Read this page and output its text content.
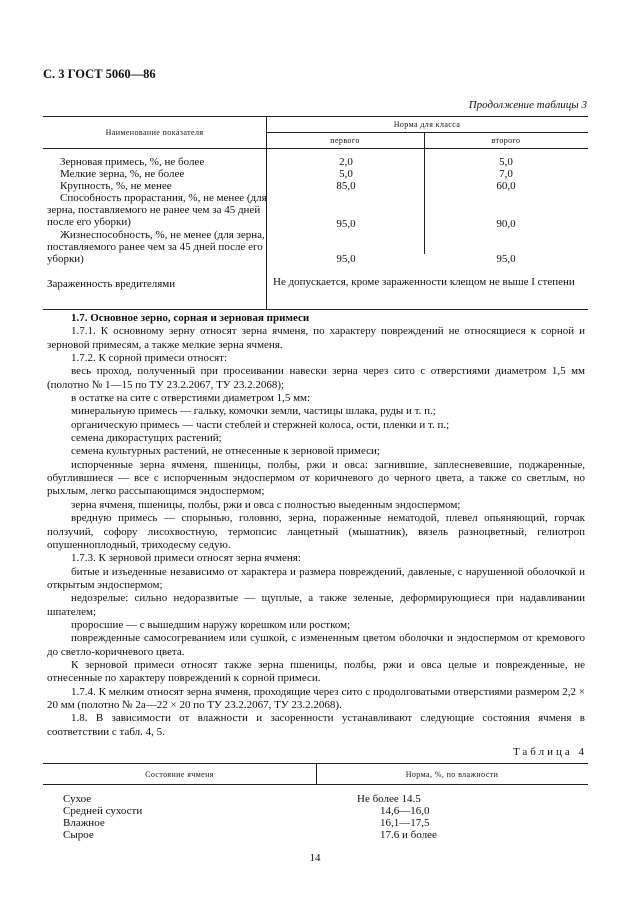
С. 3 ГОСТ 5060—86
Продолжение таблицы 3
Наименование показателя
Норма для класса
первого	второго
Зерновая примесь, %, не более	2,0	5,0
Мелкие зерна, %, не более	5,0	7,0
Крупность, %, не менее	85,0	60,0
Способность прорастания, %, не менее (для зерна, поставляемого не ранее чем за 45 дней после его уборки)	95,0	90,0
Жизнеспособность, %, не менее (для зерна, поставляемого ранее чем за 45 дней после его уборки)	95,0	95,0
Зараженность вредителями	Не допускается, кроме зараженности клещом не выше I степени

1.7. Основное зерно, сорная и зерновая примеси

1.7.1. К основному зерну относят зерна ячменя, по характеру повреждений не относящиеся к сорной и зерновой примесям, а также мелкие зерна ячменя.

1.7.2. К сорной примеси относят:

весь проход, полученный при просеивании навески зерна через сито с отверстиями диаметром 1,5 мм (полотно № 1—15 по ТУ 23.2.2067, ТУ 23.2.2068);

в остатке на сите с отверстиями диаметром 1,5 мм:

минеральную примесь — гальку, комочки земли, частицы шлака, руды и т. п.;

органическую примесь — части стеблей и стержней колоса, ости, пленки и т. п.;

семена дикорастущих растений;

семена культурных растений, не отнесенные к зерновой примеси;

испорченные зерна ячменя, пшеницы, полбы, ржи и овса: загнившие, заплесневевшие, поджаренные, обуглившиеся — все с испорченным эндоспермом от коричневого до черного цвета, а также со светлым, но рыхлым, легко рассыпающимся эндоспермом;

зерна ячменя, пшеницы, полбы, ржи и овса с полностью выеденным эндоспермом;

вредную примесь — спорынью, головню, зерна, пораженные нематодой, плевел опьяняющий, горчак ползучий, софору лисохвостную, термопсис ланцетный (мышатник), вязель разноцветный, гелиотроп опушеннoплодный, триходесму седую.

1.7.3. К зерновой примеси относят зерна ячменя:

битые и изъеденные независимо от характера и размера повреждений, давленые, с нарушенной оболочкой и открытым эндоспермом;

недозрелые: сильно недоразвитые — щуплые, а также зеленые, деформирующиеся при надавливании шпателем;

проросшие — с вышедшим наружу корешком или ростком;

поврежденные самосогреванием или сушкой, с измененным цветом оболочки и эндоспермом от кремового до светло-коричневого цвета.

К зерновой примеси относят также зерна пшеницы, полбы, ржи и овса целые и поврежденные, не отнесенные по характеру повреждений к сорной примеси.

1.7.4. К мелким относят зерна ячменя, проходящие через сито с продолговатыми отверстиями размером 2,2 × 20 мм (полотно № 2а—22 × 20 по ТУ 23.2.2067, ТУ 23.2.2068).

1.8. В зависимости от влажности и засоренности устанавливают следующие состояния ячменя в соответствии с табл. 4, 5.

Таблица 4
Состояние ячменя	Норма, %, по влажности
Сухое	Не более 14.5
Средней сухости	14,6—16,0
Влажное	16,1—17,5
Сырое	17.6 и более
14
